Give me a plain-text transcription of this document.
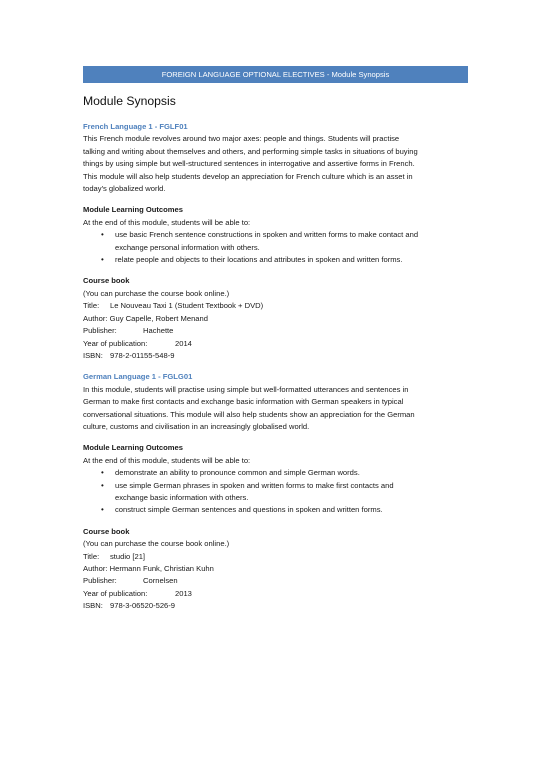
FOREIGN LANGUAGE OPTIONAL ELECTIVES - Module Synopsis
Module Synopsis
French Language 1 - FGLF01

This French module revolves around two major axes: people and things. Students will practise

talking and writing about themselves and others, and performing simple tasks in situations of buying

things by using simple but well-structured sentences in interrogative and assertive forms in French.

This module will also help students develop an appreciation for French culture which is an asset in

today's globalized world.

Module Learning Outcomes

At the end of this module, students will be able to:

• use basic French sentence constructions in spoken and written forms to make contact and
exchange personal information with others.
• relate people and objects to their locations and attributes in spoken and written forms.
Course book

(You can purchase the course book online.)

Title: Le Nouveau Taxi 1 (Student Textbook + DVD)

Author: Guy Capelle, Robert Menand

Publisher:	Hachette

Year of publication:	2014

ISBN: 978-2-01155-548-9

German Language 1 - FGLG01

In this module, students will practise using simple but well-formatted utterances and sentences in

German to make first contacts and exchange basic information with German speakers in typical

conversational situations. This module will also help students show an appreciation for the German

culture, customs and civilisation in an increasingly globalised world.

Module Learning Outcomes

At the end of this module, students will be able to:

• demonstrate an ability to pronounce common and simple German words.
• use simple German phrases in spoken and written forms to make first contacts and
exchange basic information with others.
• construct simple German sentences and questions in spoken and written forms.
Course book

(You can purchase the course book online.)

Title: studio [21]

Author: Hermann Funk, Christian Kuhn

Publisher:	Cornelsen

Year of publication:	2013

ISBN: 978-3-06520-526-9
